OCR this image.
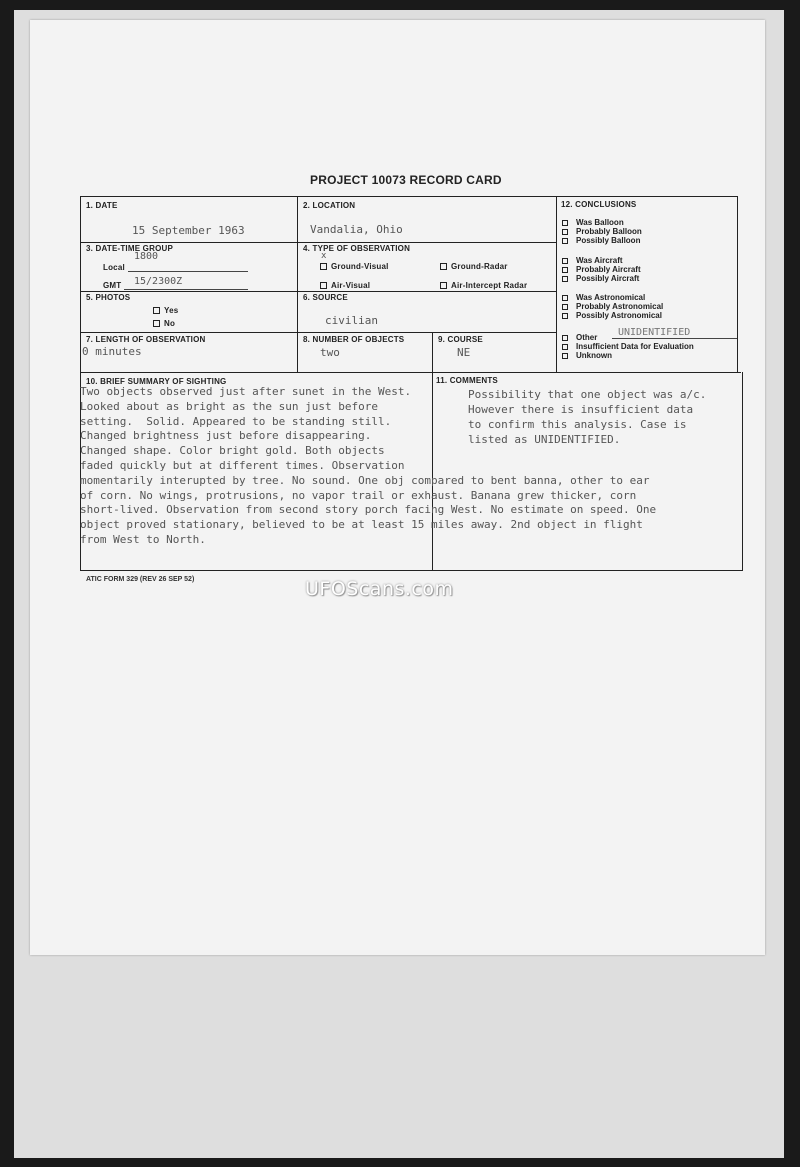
PROJECT 10073 RECORD CARD
1. DATE
15 September 1963
2. LOCATION
Vandalia, Ohio
3. DATE-TIME GROUP
Local
1800
GMT 15/2300Z
4. TYPE OF OBSERVATION
Ground-Visual
x
Ground-Radar
Air-Visual	Air-Intercept Radar
5. PHOTOS
Yes
No
6. SOURCE
civilian
7. LENGTH OF OBSERVATION
0 minutes
8. NUMBER OF OBJECTS
two
9. COURSE
NE
12. CONCLUSIONS
Was Balloon
Probably Balloon
Possibly Balloon
Was Aircraft
Probably Aircraft
Possibly Aircraft
Was Astronomical
Probably Astronomical
Possibly Astronomical
Other
Insufficient Data for Evaluation
Unknown
UNIDENTIFIED
10. BRIEF SUMMARY OF SIGHTING
Two objects observed just after sunet in the West.
Looked about as bright as the sun just before
setting.  Solid. Appeared to be standing still.
Changed brightness just before disappearing.
Changed shape. Color bright gold. Both objects
faded quickly but at different times. Observation
momentarily interupted by tree. No sound. One obj compared to bent banna, other to ear
of corn. No wings, protrusions, no vapor trail or exhaust. Banana grew thicker, corn
short-lived. Observation from second story porch facing West. No estimate on speed. One
object proved stationary, believed to be at least 15 miles away. 2nd object in flight
from West to North.
11. COMMENTS
Possibility that one object was a/c.
However there is insufficient data
to confirm this analysis. Case is
listed as UNIDENTIFIED.
ATIC FORM 329 (REV 26 SEP 52)	UFOScans.com
